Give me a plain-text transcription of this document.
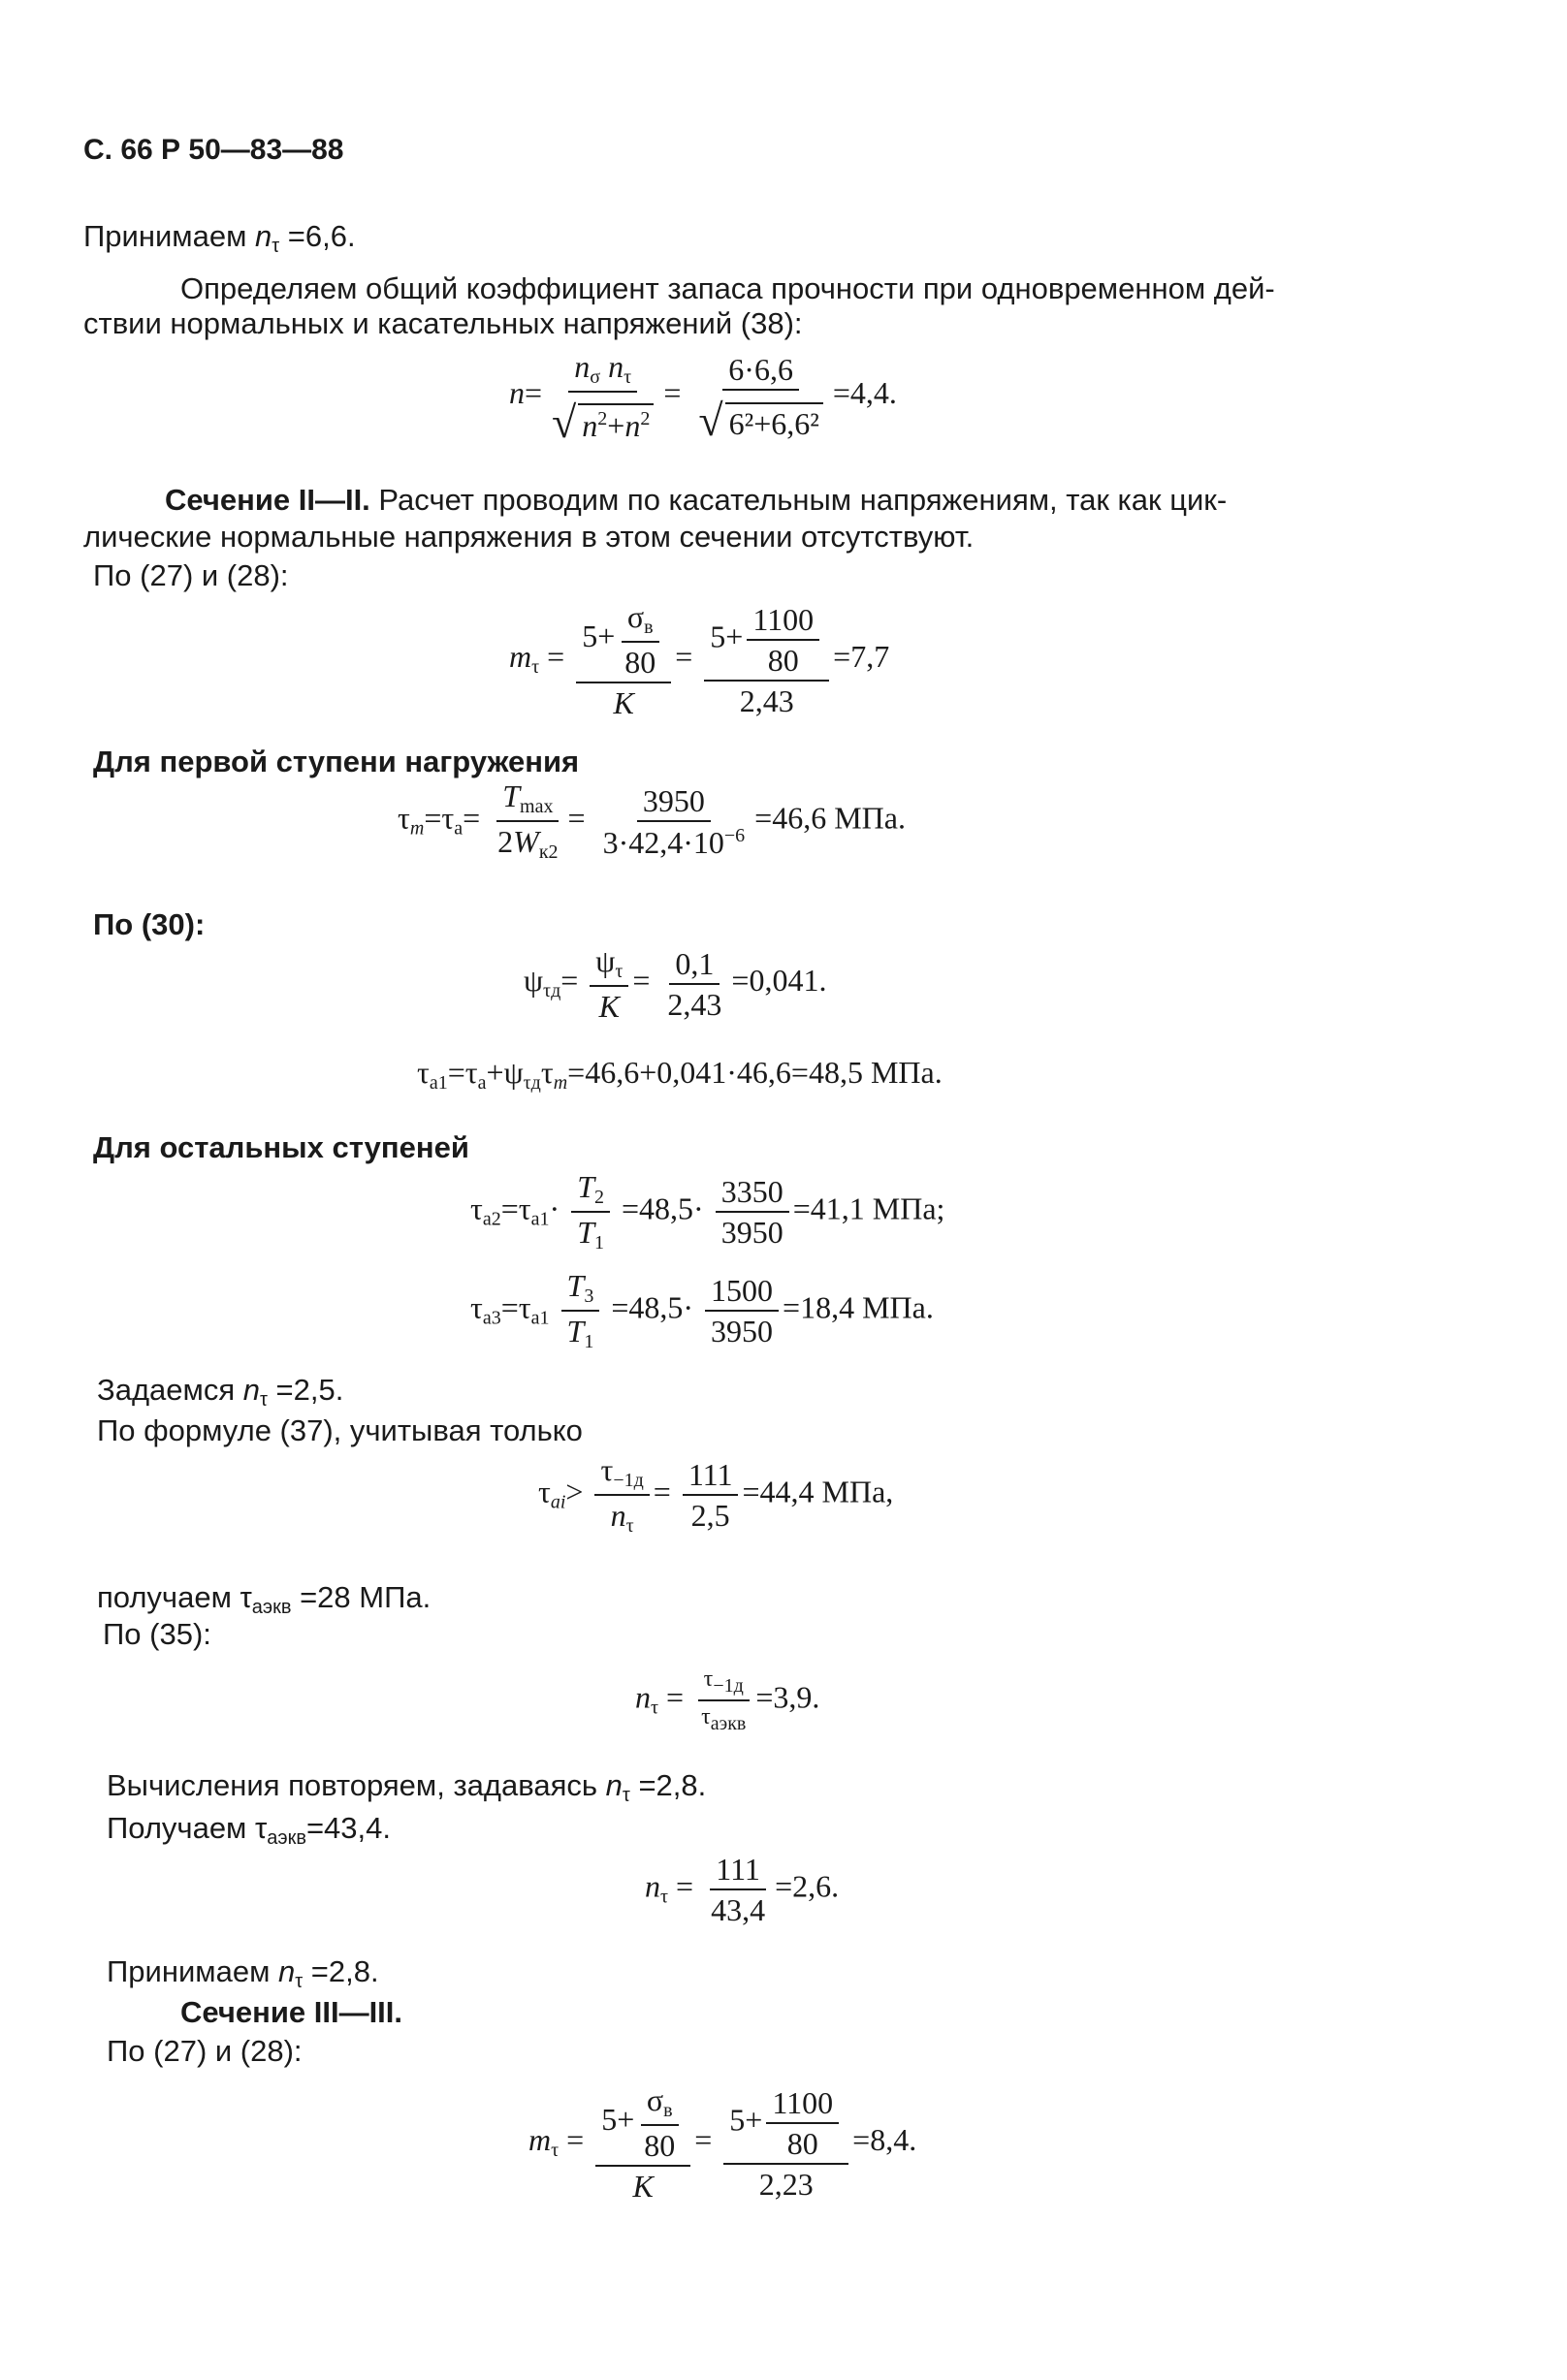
С. 66 Р 50—83—88
Принимаем $n_\tau =6,6$.
Определяем общий коэффициент запаса прочности при одновременном дей-
ствии нормальных и касательных напряжений (38):
$n= \frac{n_\sigma n_\tau}{√ n^2+n^2} = \frac{6\cdot 6,6}{\text{√ 6²+6,6²}} =4,4$.
Сечение II—II. Расчет проводим по касательным напряжениям, так как цик-
лические нормальные напряжения в этом сечении отсутствуют.
По (27) и (28):
$m_\tau = \frac{5+ \frac{\sigma_в}{80}}{K} = \frac{5+ \frac{1100}{80}}{2,43} =7,7$
Для первой ступени нагружения
$\tau_m=\tau_a= \frac{T_{max}}{2W_{к2}} = \frac{3950}{3\cdot 42,4\cdot 10^{-6}} =46,6$ МПа.
По (30):
$\psi_{\tau д}= \frac{\psi_\tau}{K} = \frac{0,1}{2,43} =0,041$.
$\tau_{a1}=\tau_a+\psi_{\tau д}\tau_m=46,6+0,041\cdot 46,6=48,5$ МПа.
Для остальных ступеней
$\tau_{a2}=\tau_{a1}\cdot \frac{T_2}{T_1} =48,5\cdot \frac{3350}{3950} =41,1$ МПа;
$\tau_{a3}=\tau_{a1} \frac{T_3}{T_1} =48,5\cdot \frac{1500}{3950} =18,4$ МПа.
Задаемся $n_\tau =2,5$.
По формуле (37), учитывая только
$\tau_{ai}> \frac{\tau_{-1д}}{n_\tau} = \frac{111}{2,5} =44,4$ МПа,
получаем $\tau_{аэкв} =28$ МПа.
По (35):
$n_\tau = \frac{\tau_{-1д}}{\tau_{аэкв}} =3,9$.
Вычисления повторяем, задаваясь $n_\tau =2,8$.
Получаем $\tau_{аэкв}=43,4$.
$n_\tau = \frac{111}{43,4} =2,6$.
Принимаем $n_\tau =2,8$.
Сечение III—III.
По (27) и (28):
$m_\tau = \frac{5+ \frac{\sigma_в}{80}}{K} = \frac{5+ \frac{1100}{80}}{2,23} =8,4$.
